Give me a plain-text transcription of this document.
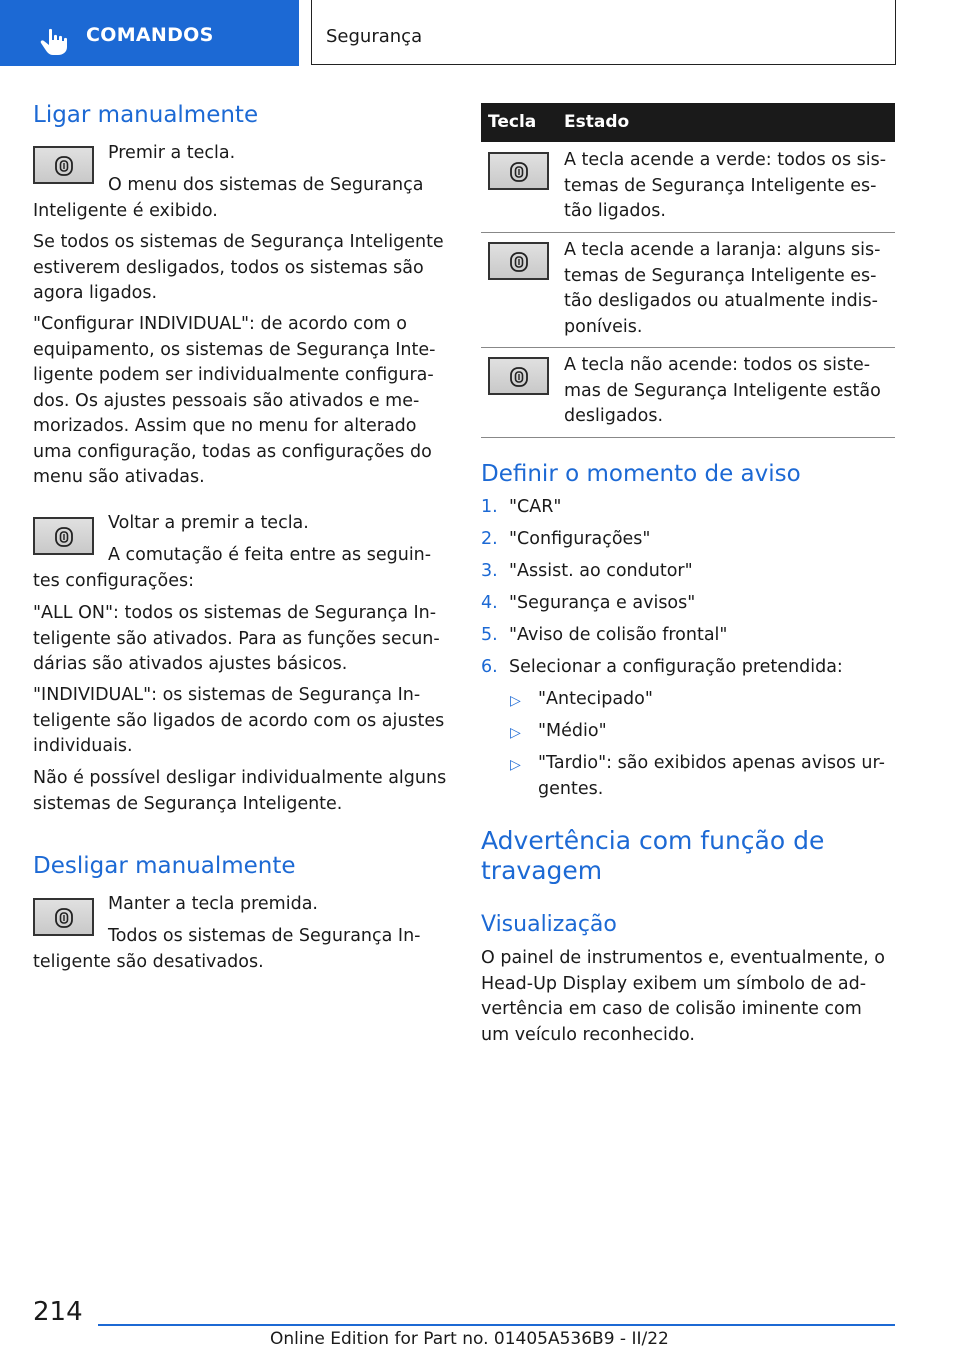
COMANDOS	Segurança
Ligar manualmente
Premir a tecla.
O menu dos sistemas de Segurança Inteligente é exibido.
Se todos os sistemas de Segurança Inteligente estiverem desligados, todos os sistemas são agora ligados.
"Configurar INDIVIDUAL": de acordo com o equipamento, os sistemas de Segurança Inte-ligente podem ser individualmente configura-dos. Os ajustes pessoais são ativados e me-morizados. Assim que no menu for alterado uma configuração, todas as configurações do menu são ativadas.
Voltar a premir a tecla.
A comutação é feita entre as seguin-tes configurações:
"ALL ON": todos os sistemas de Segurança In-teligente são ativados. Para as funções secun-dárias são ativados ajustes básicos.
"INDIVIDUAL": os sistemas de Segurança In-teligente são ligados de acordo com os ajustes individuais.
Não é possível desligar individualmente alguns sistemas de Segurança Inteligente.
Desligar manualmente
Manter a tecla premida.
Todos os sistemas de Segurança In-teligente são desativados.
Tecla Estado
A tecla acende a verde: todos os sis-temas de Segurança Inteligente es-tão ligados.
A tecla acende a laranja: alguns sis-temas de Segurança Inteligente es-tão desligados ou atualmente indis-poníveis.
A tecla não acende: todos os siste-mas de Segurança Inteligente estão desligados.
Definir o momento de aviso
1. "CAR"
2. "Configurações"
3. "Assist. ao condutor"
4. "Segurança e avisos"
5. "Aviso de colisão frontal"
6. Selecionar a configuração pretendida:
▷ "Antecipado"
▷ "Médio"
▷ "Tardio": são exibidos apenas avisos ur-gentes.
Advertência com função de travagem
Visualização
O painel de instrumentos e, eventualmente, o Head-Up Display exibem um símbolo de ad-vertência em caso de colisão iminente com um veículo reconhecido.
214
Online Edition for Part no. 01405A536B9 - II/22
